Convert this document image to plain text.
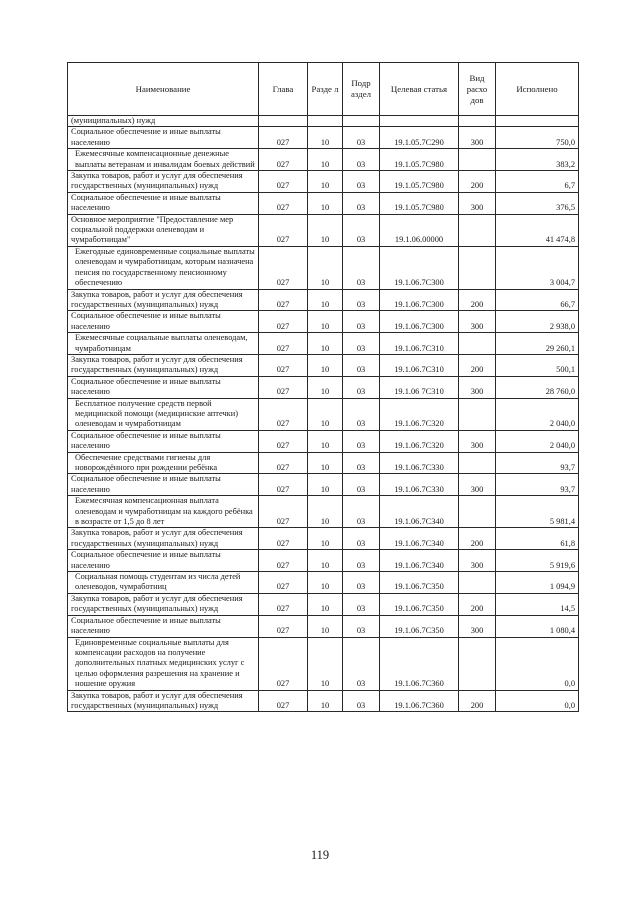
Наименование	Глава	Разде л	Подр аздел	Целевая статья	Вид расхо дов	Исполнено
(муниципальных) нужд						
Социальное обеспечение и иные выплаты населению	027	10	03	19.1.05.7С290	300	750,0
Ежемесячные компенсационные денежные выплаты ветеранам и инвалидам боевых действий	027	10	03	19.1.05.7С980		383,2
Закупка товаров, работ и услуг для обеспечения государственных (муниципальных) нужд	027	10	03	19.1.05.7С980	200	6,7
Социальное обеспечение и иные выплаты населению	027	10	03	19.1.05.7С980	300	376,5
Основное мероприятие "Предоставление мер социальной поддержки оленеводам и чумработницам"	027	10	03	19.1.06.00000		41 474,8
Ежегодные единовременные социальные выплаты оленеводам и чумработницам, которым назначена пенсия по государственному пенсионному обеспечению	027	10	03	19.1.06.7С300		3 004,7
Закупка товаров, работ и услуг для обеспечения государственных (муниципальных) нужд	027	10	03	19.1.06.7С300	200	66,7
Социальное обеспечение и иные выплаты населению	027	10	03	19.1.06.7С300	300	2 938,0
Ежемесячные социальные выплаты оленеводам, чумработницам	027	10	03	19.1.06.7С310		29 260,1
Закупка товаров, работ и услуг для обеспечения государственных (муниципальных) нужд	027	10	03	19.1.06.7С310	200	500,1
Социальное обеспечение и иные выплаты населению	027	10	03	19.1.06 7С310	300	28 760,0
Бесплатное получение средств первой медицинской помощи (медицинские аптечки) оленеводам и чумработницам	027	10	03	19.1.06.7С320		2 040,0
Социальное обеспечение и иные выплаты населению	027	10	03	19.1.06.7С320	300	2 040,0
Обеспечение средствами гигиены для новорождённого при рождении ребёнка	027	10	03	19.1.06.7С330		93,7
Социальное обеспечение и иные выплаты населению	027	10	03	19.1.06.7С330	300	93,7
Ежемесячная компенсационная выплата оленеводам и чумработницам на каждого ребёнка в возрасте от 1,5 до 8 лет	027	10	03	19.1.06.7С340		5 981,4
Закупка товаров, работ и услуг для обеспечения государственных (муниципальных) нужд	027	10	03	19.1.06.7С340	200	61,8
Социальное обеспечение и иные выплаты населению	027	10	03	19.1.06.7С340	300	5 919,6
Социальная помощь студентам из числа детей оленеводов, чумработниц	027	10	03	19.1.06.7С350		1 094,9
Закупка товаров, работ и услуг для обеспечения государственных (муниципальных) нужд	027	10	03	19.1.06.7С350	200	14,5
Социальное обеспечение и иные выплаты населению	027	10	03	19.1.06.7С350	300	1 080,4
Единовременные социальные выплаты для компенсации расходов на получение дополнительных платных медицинских услуг с целью оформления разрешения на хранение и ношение оружия	027	10	03	19.1.06.7С360		0,0
Закупка товаров, работ и услуг для обеспечения государственных (муниципальных) нужд	027	10	03	19.1.06.7С360	200	0,0
119
